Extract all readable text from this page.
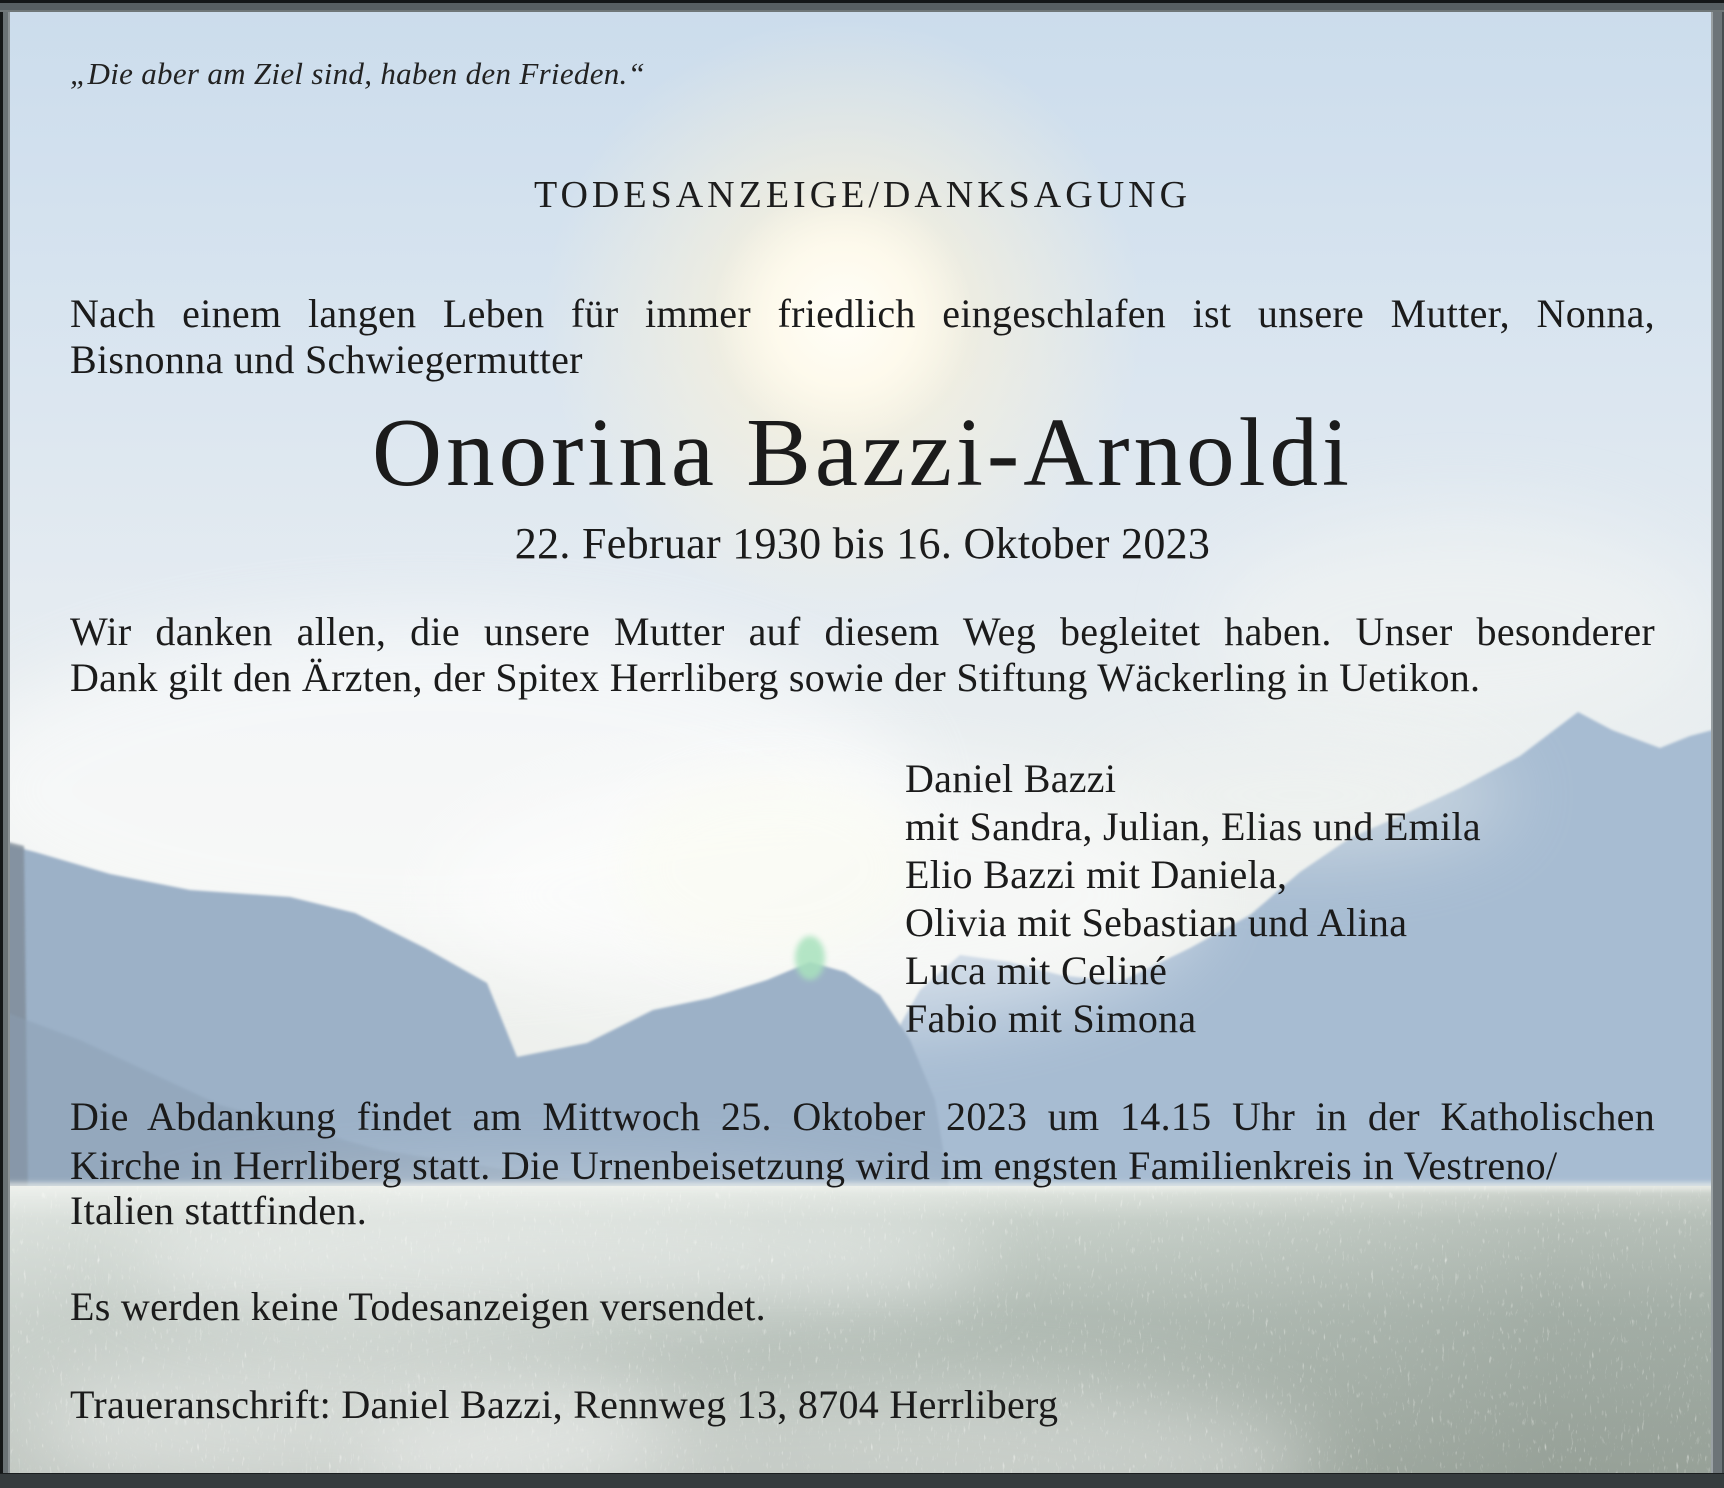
„Die aber am Ziel sind, haben den Frieden.“
TODESANZEIGE/DANKSAGUNG
Nach einem langen Leben für immer friedlich eingeschlafen ist unsere Mutter, Nonna,
Bisnonna und Schwiegermutter
Onorina Bazzi-Arnoldi
22. Februar 1930 bis 16. Oktober 2023
Wir danken allen, die unsere Mutter auf diesem Weg begleitet haben. Unser besonderer
Dank gilt den Ärzten, der Spitex Herrliberg sowie der Stiftung Wäckerling in Uetikon.
Daniel Bazzi
mit Sandra, Julian, Elias und Emila
Elio Bazzi mit Daniela,
Olivia mit Sebastian und Alina
Luca mit Celiné
Fabio mit Simona
Die Abdankung findet am Mittwoch 25. Oktober 2023 um 14.15 Uhr in der Katholischen
Kirche in Herrliberg statt. Die Urnenbeisetzung wird im engsten Familienkreis in Vestreno/
Italien stattfinden.
Es werden keine Todesanzeigen versendet.
Traueranschrift: Daniel Bazzi, Rennweg 13, 8704 Herrliberg
